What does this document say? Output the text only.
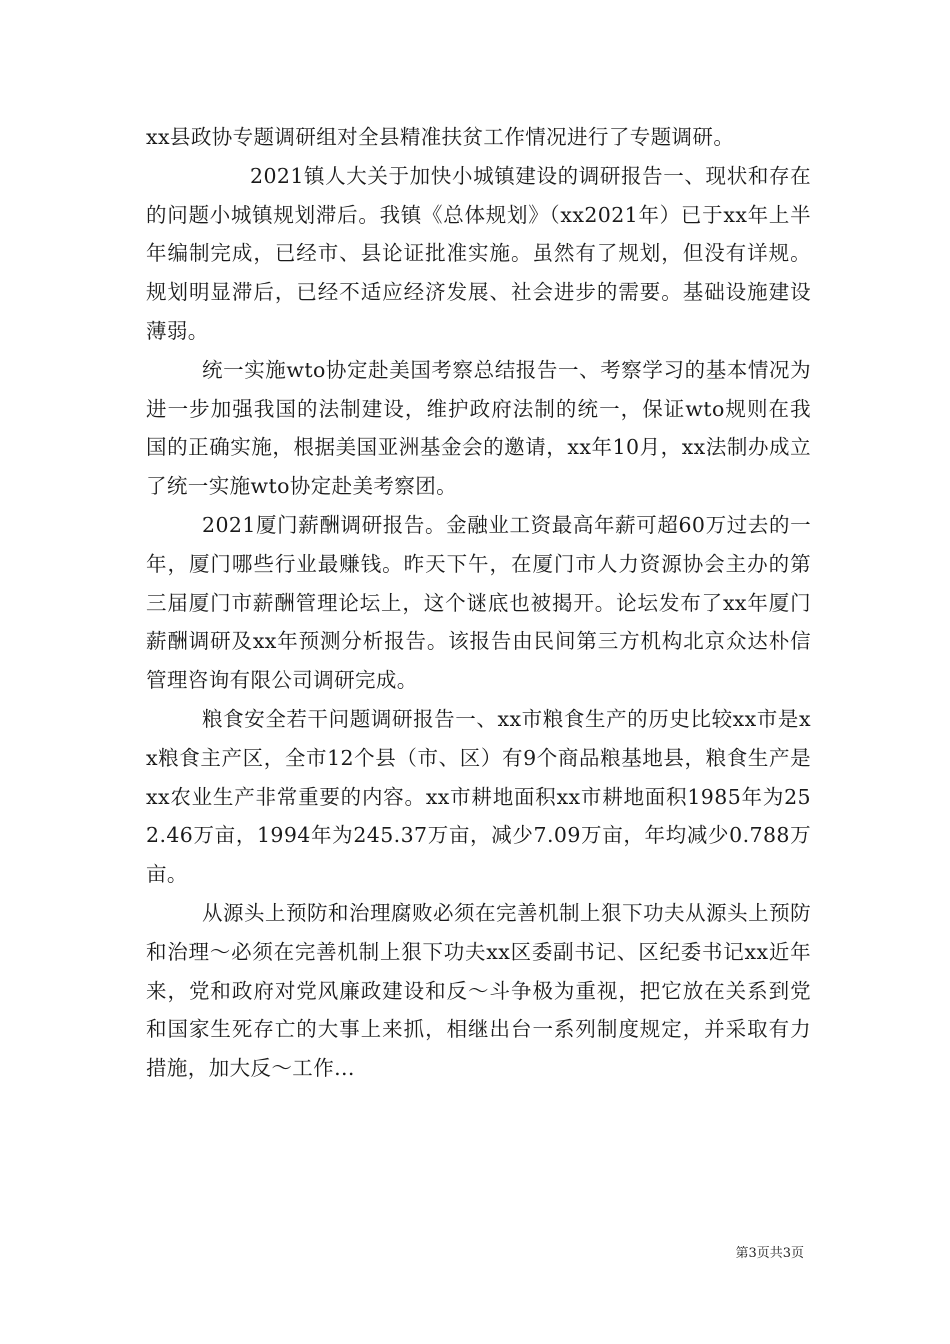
xx县政协专题调研组对全县精准扶贫工作情况进行了专题调研。

2021镇人大关于加快小城镇建设的调研报告一、现状和存在的问题小城镇规划滞后。我镇《总体规划》（xx2021年）已于xx年上半年编制完成，已经市、县论证批准实施。虽然有了规划，但没有详规。规划明显滞后，已经不适应经济发展、社会进步的需要。基础设施建设薄弱。

统一实施wto协定赴美国考察总结报告一、考察学习的基本情况为进一步加强我国的法制建设，维护政府法制的统一，保证wto规则在我国的正确实施，根据美国亚洲基金会的邀请，xx年10月，xx法制办成立了统一实施wto协定赴美考察团。

2021厦门薪酬调研报告。金融业工资最高年薪可超60万过去的一年，厦门哪些行业最赚钱。昨天下午，在厦门市人力资源协会主办的第三届厦门市薪酬管理论坛上，这个谜底也被揭开。论坛发布了xx年厦门薪酬调研及xx年预测分析报告。该报告由民间第三方机构北京众达朴信管理咨询有限公司调研完成。

粮食安全若干问题调研报告一、xx市粮食生产的历史比较xx市是xx粮食主产区，全市12个县（市、区）有9个商品粮基地县，粮食生产是xx农业生产非常重要的内容。xx市耕地面积xx市耕地面积1985年为252.46万亩，1994年为245.37万亩，减少7.09万亩，年均减少0.788万亩。

从源头上预防和治理腐败必须在完善机制上狠下功夫从源头上预防和治理～必须在完善机制上狠下功夫xx区委副书记、区纪委书记xx近年来，党和政府对党风廉政建设和反～斗争极为重视，把它放在关系到党和国家生死存亡的大事上来抓，相继出台一系列制度规定，并采取有力措施，加大反～工作...

第3页共3页
